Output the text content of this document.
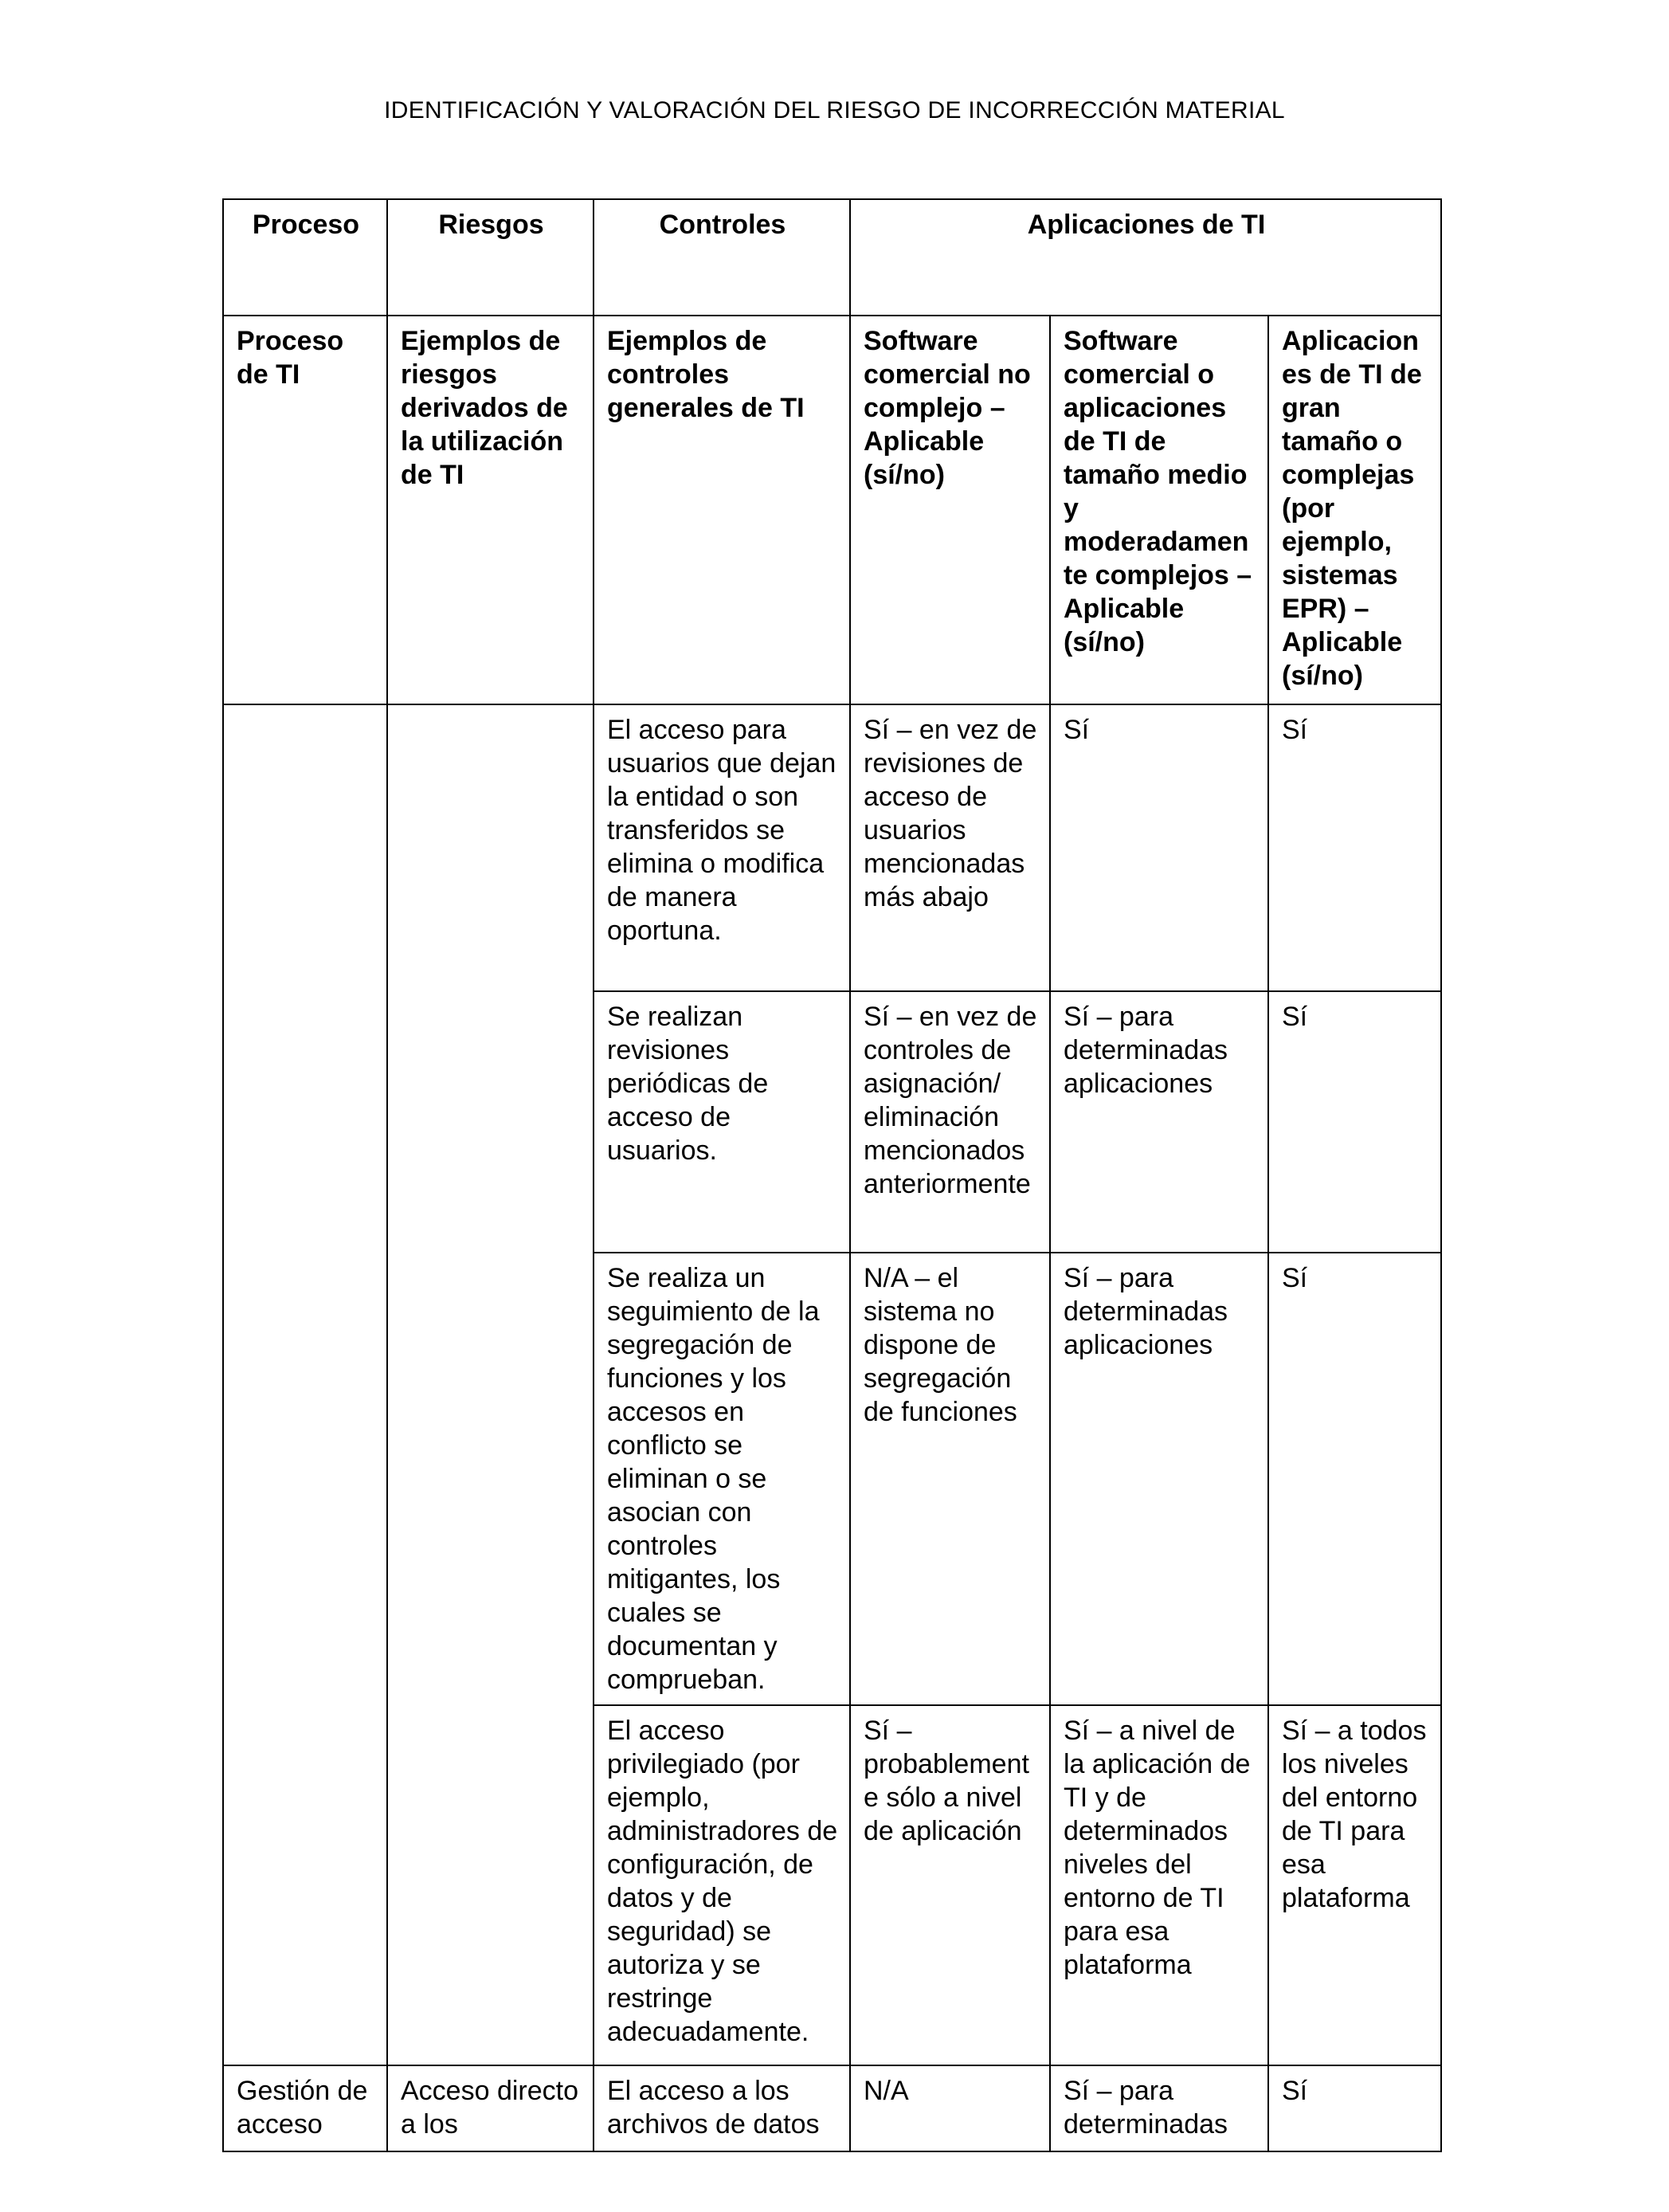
IDENTIFICACIÓN Y VALORACIÓN DEL RIESGO DE INCORRECCIÓN MATERIAL
Proceso	Riesgos	Controles	Aplicaciones de TI		
Proceso de TI	Ejemplos de riesgos derivados de la utilización de TI	Ejemplos de controles generales de TI	Software comercial no complejo – Aplicable (sí/no)	Software comercial o aplicaciones de TI de tamaño medio y moderadamente complejos – Aplicable (sí/no)	Aplicaciones de TI de gran tamaño o complejas (por ejemplo, sistemas EPR) – Aplicable (sí/no)
		El acceso para usuarios que dejan la entidad o son transferidos se elimina o modifica de manera oportuna.	Sí – en vez de revisiones de acceso de usuarios mencionadas más abajo	Sí	Sí
		Se realizan revisiones periódicas de acceso de usuarios.	Sí – en vez de controles de asignación/ eliminación mencionados anteriormente	Sí – para determinadas aplicaciones	Sí
		Se realiza un seguimiento de la segregación de funciones y los accesos en conflicto se eliminan o se asocian con controles mitigantes, los cuales se documentan y comprueban.	N/A – el sistema no dispone de segregación de funciones	Sí – para determinadas aplicaciones	Sí
		El acceso privilegiado (por ejemplo, administradores de configuración, de datos y de seguridad) se autoriza y se restringe adecuadamente.	Sí – probablemente sólo a nivel de aplicación	Sí – a nivel de la aplicación de TI y de determinados niveles del entorno de TI para esa plataforma	Sí – a todos los niveles del entorno de TI para esa plataforma
Gestión de acceso	Acceso directo a los	El acceso a los archivos de datos	N/A	Sí – para determinadas	Sí
